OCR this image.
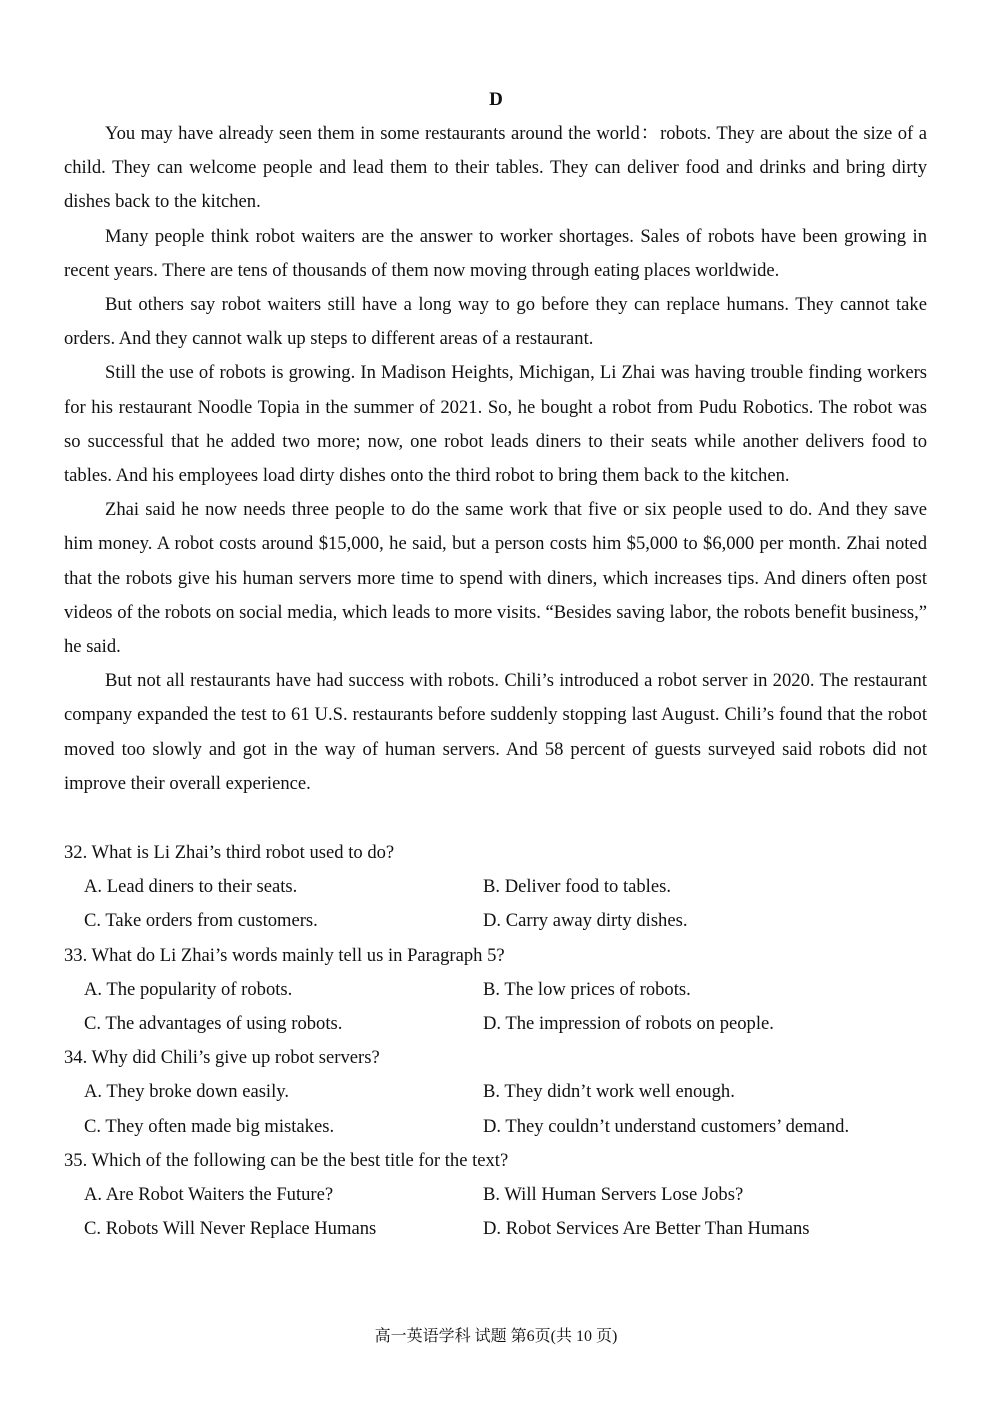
D

You may have already seen them in some restaurants around the world：robots. They are about the size of a child. They can welcome people and lead them to their tables. They can deliver food and drinks and bring dirty dishes back to the kitchen.

Many people think robot waiters are the answer to worker shortages. Sales of robots have been growing in recent years. There are tens of thousands of them now moving through eating places worldwide.

But others say robot waiters still have a long way to go before they can replace humans. They cannot take orders. And they cannot walk up steps to different areas of a restaurant.

Still the use of robots is growing. In Madison Heights, Michigan, Li Zhai was having trouble finding workers for his restaurant Noodle Topia in the summer of 2021. So, he bought a robot from Pudu Robotics. The robot was so successful that he added two more; now, one robot leads diners to their seats while another delivers food to tables. And his employees load dirty dishes onto the third robot to bring them back to the kitchen.

Zhai said he now needs three people to do the same work that five or six people used to do. And they save him money. A robot costs around $15,000, he said, but a person costs him $5,000 to $6,000 per month. Zhai noted that the robots give his human servers more time to spend with diners, which increases tips. And diners often post videos of the robots on social media, which leads to more visits. “Besides saving labor, the robots benefit business,” he said.

But not all restaurants have had success with robots. Chili’s introduced a robot server in 2020. The restaurant company expanded the test to 61 U.S. restaurants before suddenly stopping last August. Chili’s found that the robot moved too slowly and got in the way of human servers. And 58 percent of guests surveyed said robots did not improve their overall experience.

32. What is Li Zhai’s third robot used to do?

A. Lead diners to their seats.	B. Deliver food to tables.
C. Take orders from customers.	D. Carry away dirty dishes.

33. What do Li Zhai’s words mainly tell us in Paragraph 5?

A. The popularity of robots.	B. The low prices of robots.
C. The advantages of using robots.	D. The impression of robots on people.

34. Why did Chili’s give up robot servers?

A. They broke down easily.	B. They didn’t work well enough.
C. They often made big mistakes.	D. They couldn’t understand customers’ demand.

35. Which of the following can be the best title for the text?

A. Are Robot Waiters the Future?	B. Will Human Servers Lose Jobs?
C. Robots Will Never Replace Humans	D. Robot Services Are Better Than Humans
高一英语学科 试题 第6页(共 10 页)
